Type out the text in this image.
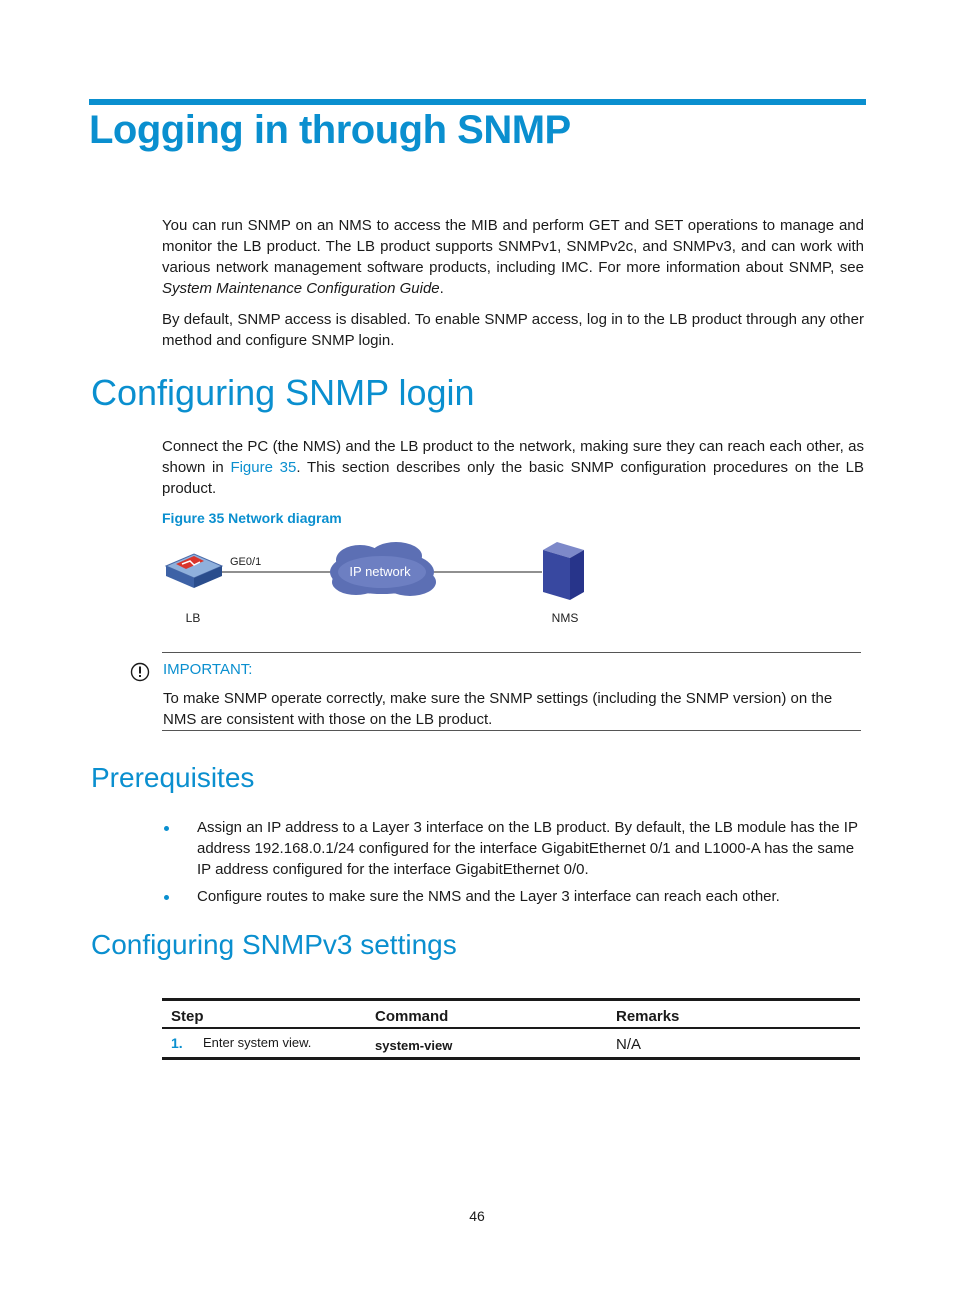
Logging in through SNMP

You can run SNMP on an NMS to access the MIB and perform GET and SET operations to manage and monitor the LB product. The LB product supports SNMPv1, SNMPv2c, and SNMPv3, and can work with various network management software products, including IMC. For more information about SNMP, see System Maintenance Configuration Guide.

By default, SNMP access is disabled. To enable SNMP access, log in to the LB product through any other method and configure SNMP login.

Configuring SNMP login

Connect the PC (the NMS) and the LB product to the network, making sure they can reach each other, as shown in Figure 35. This section describes only the basic SNMP configuration procedures on the LB product.

Figure 35 Network diagram

GE0/1
IP network
LB	NMS
IMPORTANT:

To make SNMP operate correctly, make sure the SNMP settings (including the SNMP version) on the NMS are consistent with those on the LB product.

Prerequisites
Assign an IP address to a Layer 3 interface on the LB product. By default, the LB module has the IP address 192.168.0.1/24 configured for the interface GigabitEthernet 0/1 and L1000-A has the same IP address configured for the interface GigabitEthernet 0/0.
Configure routes to make sure the NMS and the Layer 3 interface can reach each other.
Configuring SNMPv3 settings
Step	Command	Remarks
1. Enter system view.	system-view	N/A
46
